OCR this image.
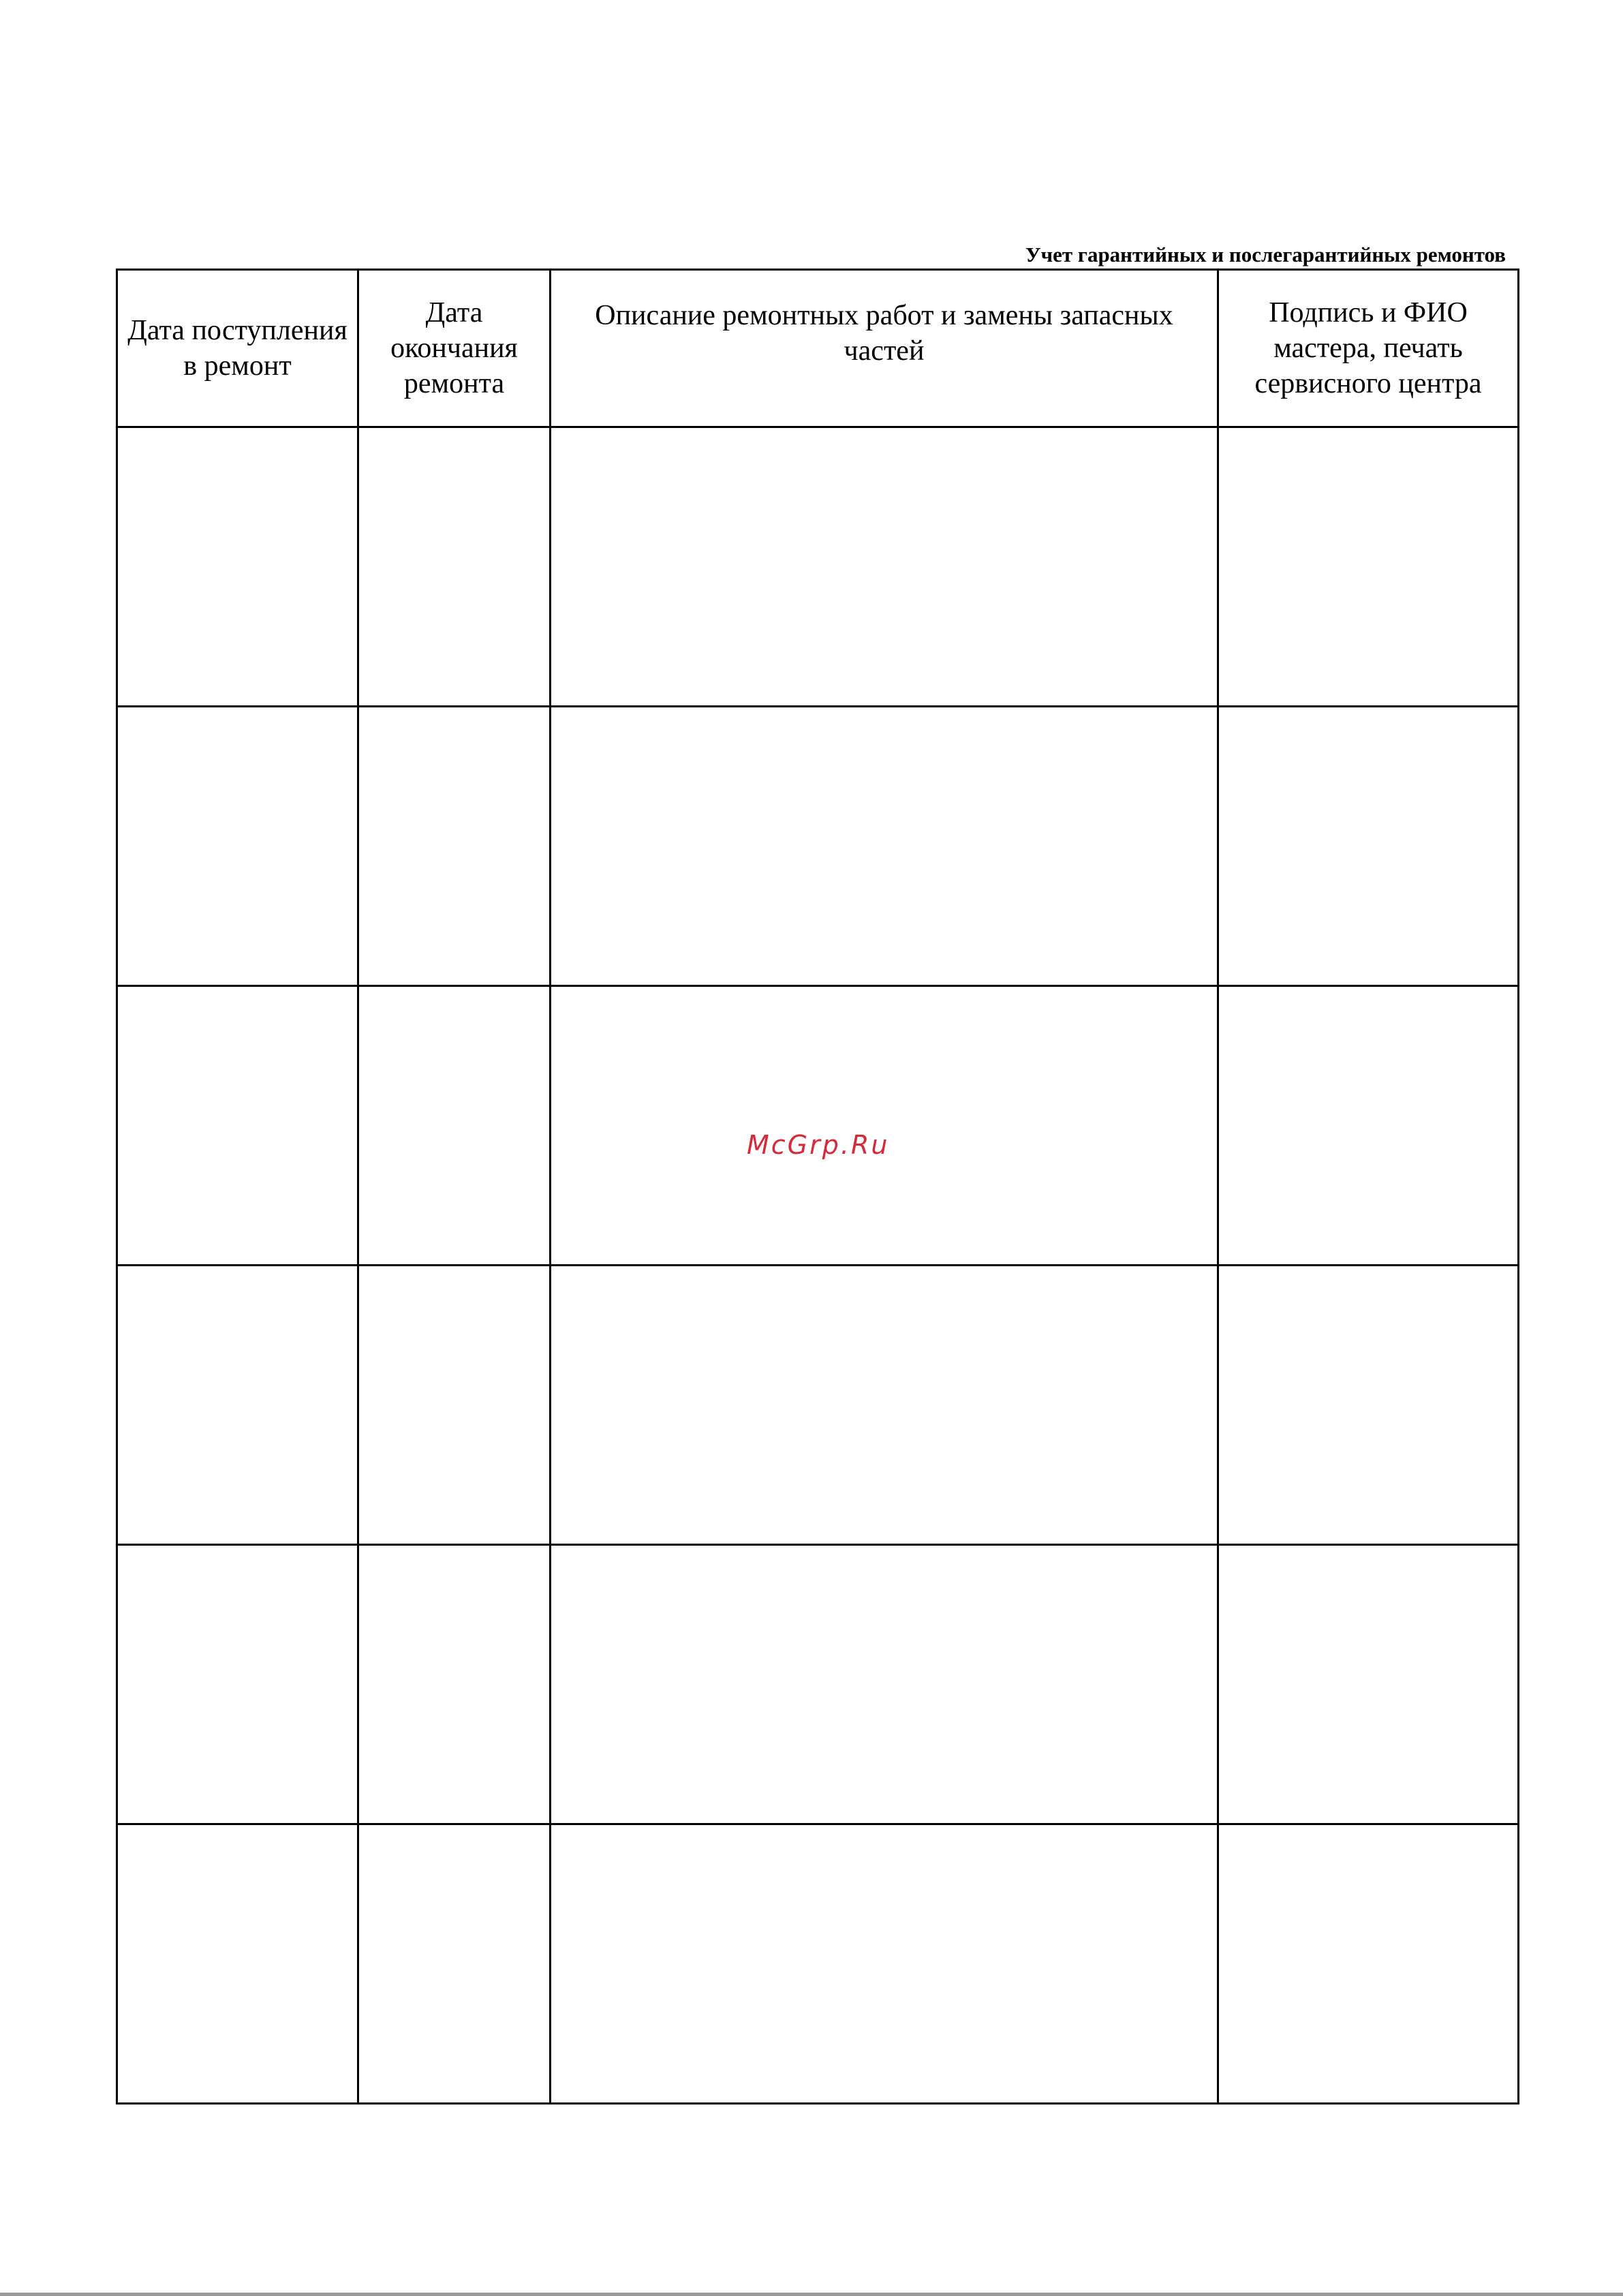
Учет гарантийных и послегарантийных ремонтов
Дата поступления в ремонт	Дата окончания ремонта	Описание ремонтных работ и замены запасных частей	Подпись и ФИО мастера, печать сервисного центра

McGrp.Ru
